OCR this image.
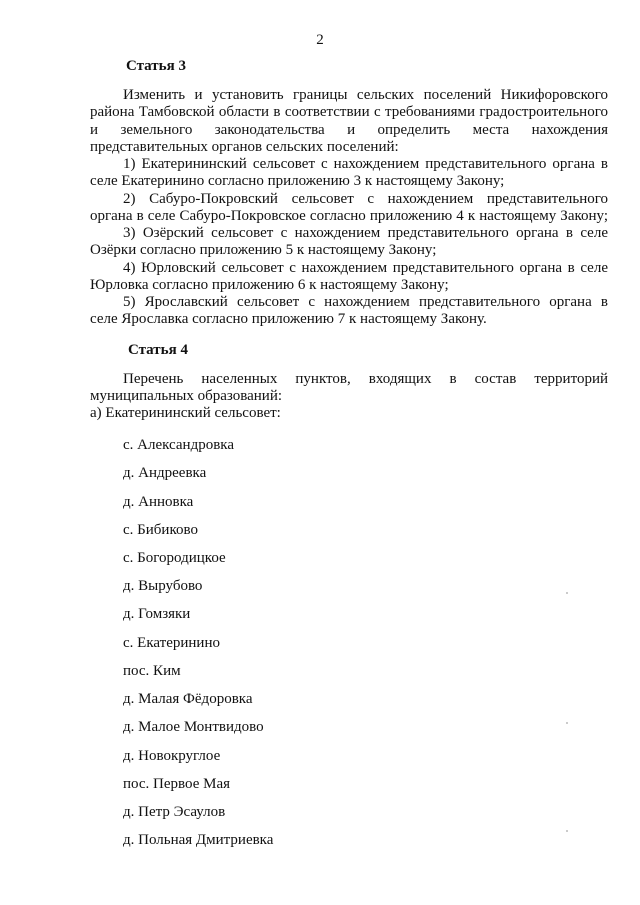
2
Статья 3
Изменить и установить границы сельских поселений Никифоровского
района Тамбовской области в соответствии с требованиями градостроительного
и земельного законодательства и определить места нахождения
представительных органов сельских поселений:
1) Екатерининский сельсовет с нахождением представительного органа в
селе Екатеринино согласно приложению 3 к настоящему Закону;
2) Сабуро-Покровский сельсовет с нахождением представительного
органа в селе Сабуро-Покровское согласно приложению 4 к настоящему Закону;
3) Озёрский сельсовет с нахождением представительного органа в селе
Озёрки согласно приложению 5 к настоящему Закону;
4) Юрловский сельсовет с нахождением представительного органа в селе
Юрловка согласно приложению 6 к настоящему Закону;
5) Ярославский сельсовет с нахождением представительного органа в
селе Ярославка согласно приложению 7 к настоящему Закону.
Статья 4
Перечень населенных пунктов, входящих в состав территорий
муниципальных образований:
а) Екатерининский сельсовет:
с. Александровка
д. Андреевка
д. Анновка
с. Бибиково
с. Богородицкое
д. Вырубово
д. Гомзяки
с. Екатеринино
пос. Ким
д. Малая Фёдоровка
д. Малое Монтвидово
д. Новокруглое
пос. Первое Мая
д. Петр Эсаулов
д. Польная Дмитриевка
